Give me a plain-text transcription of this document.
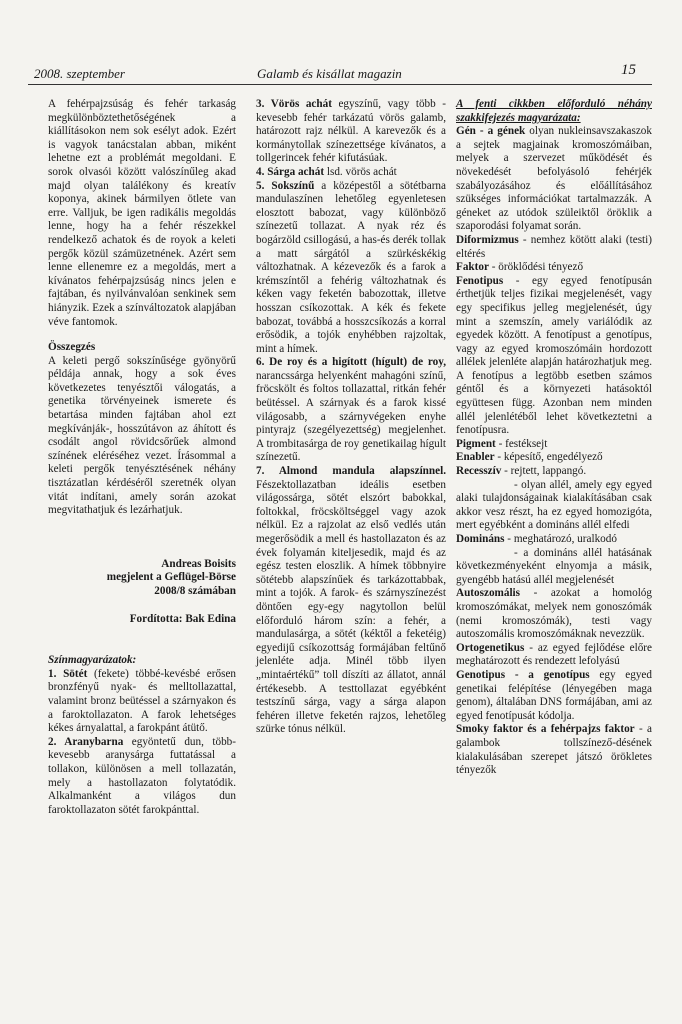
2008. szeptember	Galamb és kisállat magazin	15

A fehérpajzsúság és fehér tarkaság megkülönböztethetőségének a kiállításokon nem sok esélyt adok. Ezért is vagyok tanácstalan abban, miként lehetne ezt a problémát megoldani. E sorok olvasói között valószínűleg akad majd olyan találékony és kreatív koponya, akinek bármilyen ötlete van erre. Valljuk, be igen radikális megoldás lenne, hogy ha a fehér részekkel rendelkező achatok és de royok a keleti pergők közül számüzetnének. Azért sem lenne ellenemre ez a megoldás, mert a kívánatos fehérpajzsúság nincs jelen e fajtában, és nyilvánvalóan senkinek sem hiányzik. Ezek a színváltozatok alapjában véve fantomok.

Összegzés

A keleti pergő sokszínűsége gyönyörű példája annak, hogy a sok éves következetes tenyésztői válogatás, a genetika törvényeinek ismerete és betartása minden fajtában ahol ezt megkívánják-, hosszútávon az áhított és csodált angol rövidcsőrűek almond színének eléréséhez vezet. Írásommal a keleti pergők tenyésztésének néhány tisztázatlan kérdéséről szeretnék olyan vitát indítani, amely során azokat megvitathatjuk és lezárhatjuk.

Andreas Boisits

megjelent a Geflügel-Börse

2008/8 számában

Fordította: Bak Edina

Színmagyarázatok:

1. Sötét (fekete) többé-kevésbé erősen bronzfényű nyak- és melltollazattal, valamint bronz beütéssel a szárnyakon és a faroktollazaton. A farok lehetséges kékes árnyalattal, a farokpánt átütő.

2. Aranybarna egyöntetű dun, több-kevesebb aranysárga futtatással a tollakon, különösen a mell tollazatán, mely a hastollazaton folytatódik. Alkalmanként a világos dun faroktollazaton sötét farokpánttal.

3. Vörös achát egyszínű, vagy több - kevesebb fehér tarkázatú vörös galamb, határozott rajz nélkül. A karevezők és a kormánytollak színezettsége kívánatos, a tollgerincek fehér kifutásúak.

4. Sárga achát lsd. vörös achát

5. Sokszínű a középestől a sötétbarna mandulaszínen lehetőleg egyenletesen elosztott babozat, vagy különböző színezetű tollazat. A nyak réz és bogárzöld csillogású, a has-és derék tollak a matt sárgától a szürkéskékig változhatnak. A kézevezők és a farok a krémszíntől a fehérig változhatnak és kéken vagy feketén babozottak, illetve hosszan csíkozottak. A kék és fekete babozat, továbbá a hosszcsíkozás a korral erősödik, a tojók enyhébben rajzoltak, mint a hímek.

6. De roy és a higított (hígult) de roy, narancssárga helyenként mahagóni színű, fröcskölt és foltos tollazattal, ritkán fehér beütéssel. A szárnyak és a farok kissé világosabb, a szárnyvégeken enyhe pintyrajz (szegélyezettség) megjelenhet. A trombitasárga de roy genetikailag hígult színezetű.

7. Almond mandula alapszínnel. Fészektollazatban ideális esetben világossárga, sötét elszórt babokkal, foltokkal, fröcsköltséggel vagy azok nélkül. Ez a rajzolat az első vedlés után megerősödik a mell és hastollazaton és az évek folyamán kiteljesedik, majd és az egész testen eloszlik. A hímek többnyire sötétebb alapszínűek és tarkázottabbak, mint a tojók. A farok- és szárnyszínezést döntően egy-egy nagytollon belül előforduló három szín: a fehér, a mandulasárga, a sötét (kéktől a feketéig) egyedijű csíkozottság formájában feltűnő jelenléte adja. Minél több ilyen „mintaértékű” toll díszíti az állatot, annál értékesebb. A testtollazat egyébként testszínű sárga, vagy a sárga alapon fehéren illetve feketén rajzos, lehetőleg szürke tónus nélkül.

A fenti cikkben előforduló néhány szakkifejezés magyarázata:

Gén - a gének olyan nukleinsavszakaszok a sejtek magjainak kromoszómáiban, melyek a szervezet működését és növekedését befolyásoló fehérjék szabályozásához és előállításához szükséges információkat tartalmazzák. A géneket az utódok szüleiktől öröklik a szaporodási folyamat során.

Diformizmus - nemhez kötött alaki (testi) eltérés

Faktor - öröklődési tényező

Fenotipus - egy egyed fenotípusán érthetjük teljes fizikai megjelenését, vagy egy specifikus jelleg megjelenését, úgy mint a szemszín, amely variálódik az egyedek között. A fenotípust a genotípus, vagy az egyed kromoszómáin hordozott allélek jelenléte alapján határozhatjuk meg. A fenotípus a legtöbb esetben számos géntől és a környezeti hatásoktól együttesen függ. Azonban nem minden allél jelenlétéből lehet következtetni a fenotípusra.

Pigment - festéksejt

Enabler - képesítő, engedélyező

Recesszív - rejtett, lappangó.

- olyan allél, amely egy egyed alaki tulajdonságainak kialakításában csak akkor vesz részt, ha ez egyed homozigóta, mert egyébként a domináns allél elfedi

Domináns - meghatározó, uralkodó

- a domináns allél hatásának következményeként elnyomja a másik, gyengébb hatású allél megjelenését

Autoszomális - azokat a homológ kromoszómákat, melyek nem gonoszómák (nemi kromoszómák), testi vagy autoszomális kromoszómáknak nevezzük.

Ortogenetikus - az egyed fejlődése előre meghatározott és rendezett lefolyású

Genotipus - a genotípus egy egyed genetikai felépítése (lényegében maga genom), általában DNS formájában, ami az egyed fenotípusát kódolja.

Smoky faktor és a fehérpajzs faktor - a galambok tollszínező-désének kialakulásában szerepet játszó örökletes tényezők
